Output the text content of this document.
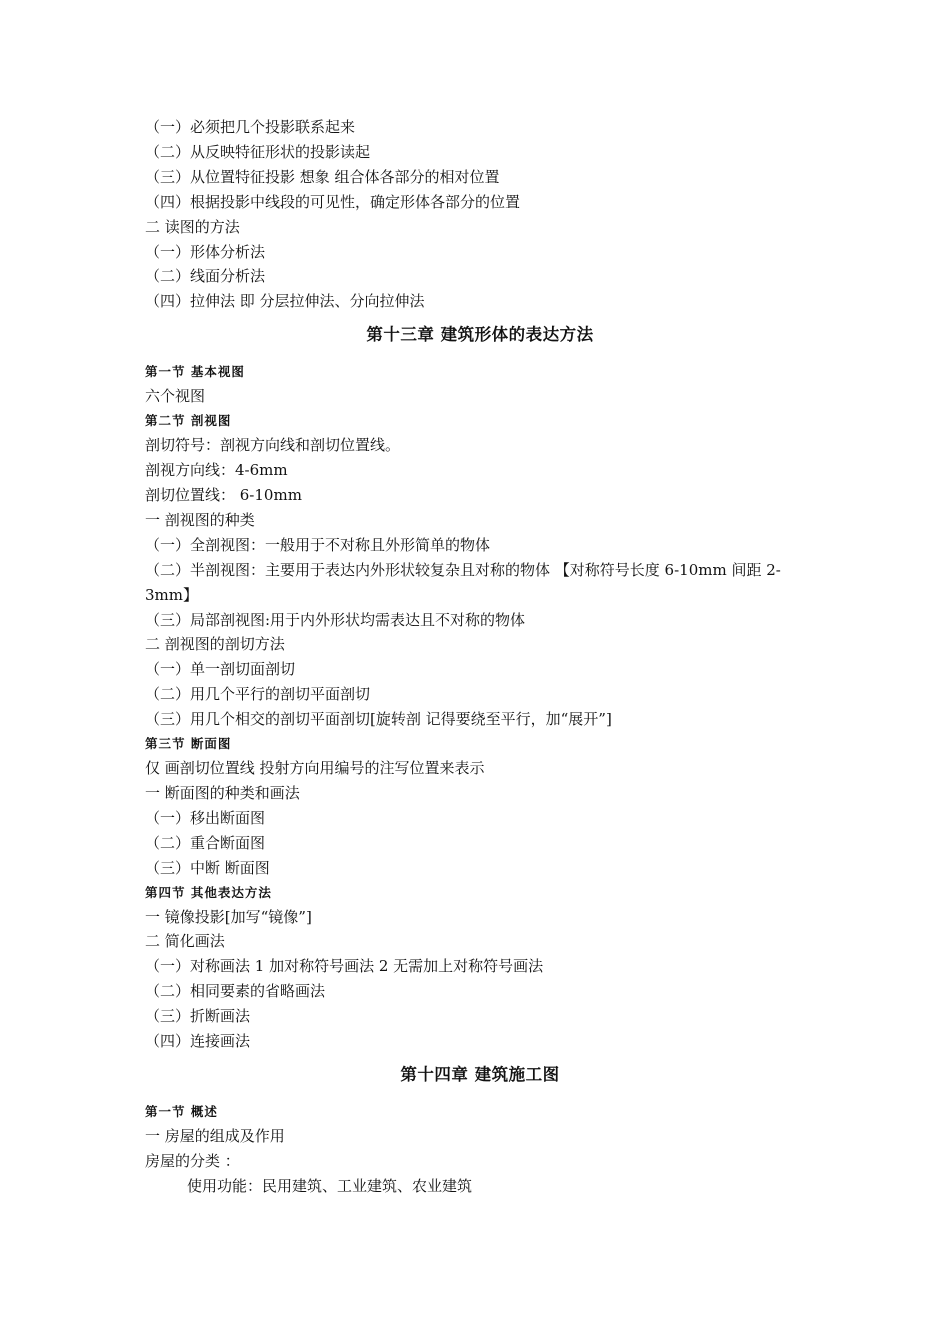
（一）必须把几个投影联系起来
（二）从反映特征形状的投影读起
（三）从位置特征投影 想象 组合体各部分的相对位置
（四）根据投影中线段的可见性，确定形体各部分的位置
二 读图的方法
（一）形体分析法
（二）线面分析法
（四）拉伸法 即 分层拉伸法、分向拉伸法
第十三章 建筑形体的表达方法
第一节 基本视图
六个视图
第二节 剖视图
剖切符号：剖视方向线和剖切位置线。
剖视方向线：4-6mm
剖切位置线： 6-10mm
一 剖视图的种类
（一）全剖视图：一般用于不对称且外形简单的物体
（二）半剖视图：主要用于表达内外形状较复杂且对称的物体 【对称符号长度 6-10mm 间距 2-3mm】
（三）局部剖视图:用于内外形状均需表达且不对称的物体
二 剖视图的剖切方法
（一）单一剖切面剖切
（二）用几个平行的剖切平面剖切
（三）用几个相交的剖切平面剖切[旋转剖 记得要绕至平行，加“展开”]
第三节 断面图
仅 画剖切位置线 投射方向用编号的注写位置来表示
一 断面图的种类和画法
（一）移出断面图
（二）重合断面图
（三）中断 断面图
第四节 其他表达方法
一 镜像投影[加写“镜像”]
二 简化画法
（一）对称画法 1 加对称符号画法 2 无需加上对称符号画法
（二）相同要素的省略画法
（三）折断画法
（四）连接画法
第十四章 建筑施工图
第一节 概述
一 房屋的组成及作用
房屋的分类 ：
使用功能：民用建筑、工业建筑、农业建筑
